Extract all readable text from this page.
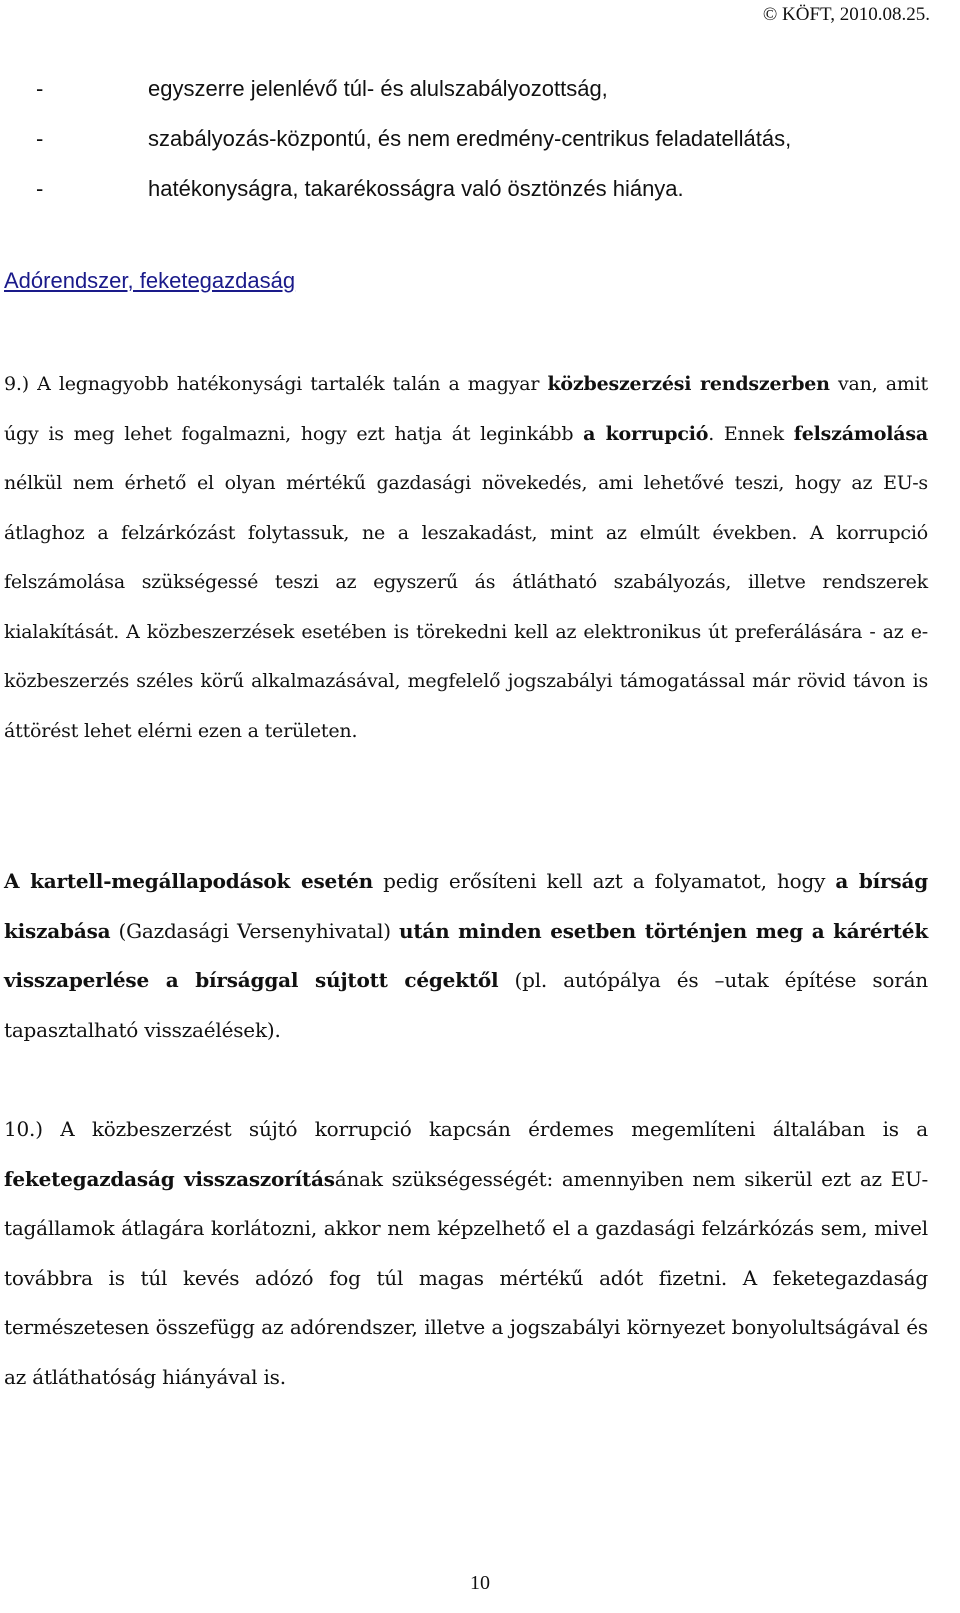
© KÖFT, 2010.08.25.
-	egyszerre jelenlévő túl- és alulszabályozottság,
-	szabályozás-központú, és nem eredmény-centrikus feladatellátás,
-	hatékonyságra, takarékosságra való ösztönzés hiánya.
Adórendszer, feketegazdaság

9.) A legnagyobb hatékonysági tartalék talán a magyar közbeszerzési rendszerben van, amit úgy is meg lehet fogalmazni, hogy ezt hatja át leginkább a korrupció. Ennek felszámolása nélkül nem érhető el olyan mértékű gazdasági növekedés, ami lehetővé teszi, hogy az EU-s átlaghoz a felzárkózást folytassuk, ne a leszakadást, mint az elmúlt években. A korrupció felszámolása szükségessé teszi az egyszerű ás átlátható szabályozás, illetve rendszerek kialakítását. A közbeszerzések esetében is törekedni kell az elektronikus út preferálására - az e-közbeszerzés széles körű alkalmazásával, megfelelő jogszabályi támogatással már rövid távon is áttörést lehet elérni ezen a területen.

A kartell-megállapodások esetén pedig erősíteni kell azt a folyamatot, hogy a bírság kiszabása (Gazdasági Versenyhivatal) után minden esetben történjen meg a kárérték visszaperlése a bírsággal sújtott cégektől (pl. autópálya és –utak építése során tapasztalható visszaélések).

10.) A közbeszerzést sújtó korrupció kapcsán érdemes megemlíteni általában is a feketegazdaság visszaszorításának szükségességét: amennyiben nem sikerül ezt az EU-tagállamok átlagára korlátozni, akkor nem képzelhető el a gazdasági felzárkózás sem, mivel továbbra is túl kevés adózó fog túl magas mértékű adót fizetni. A feketegazdaság természetesen összefügg az adórendszer, illetve a jogszabályi környezet bonyolultságával és az átláthatóság hiányával is.

10
